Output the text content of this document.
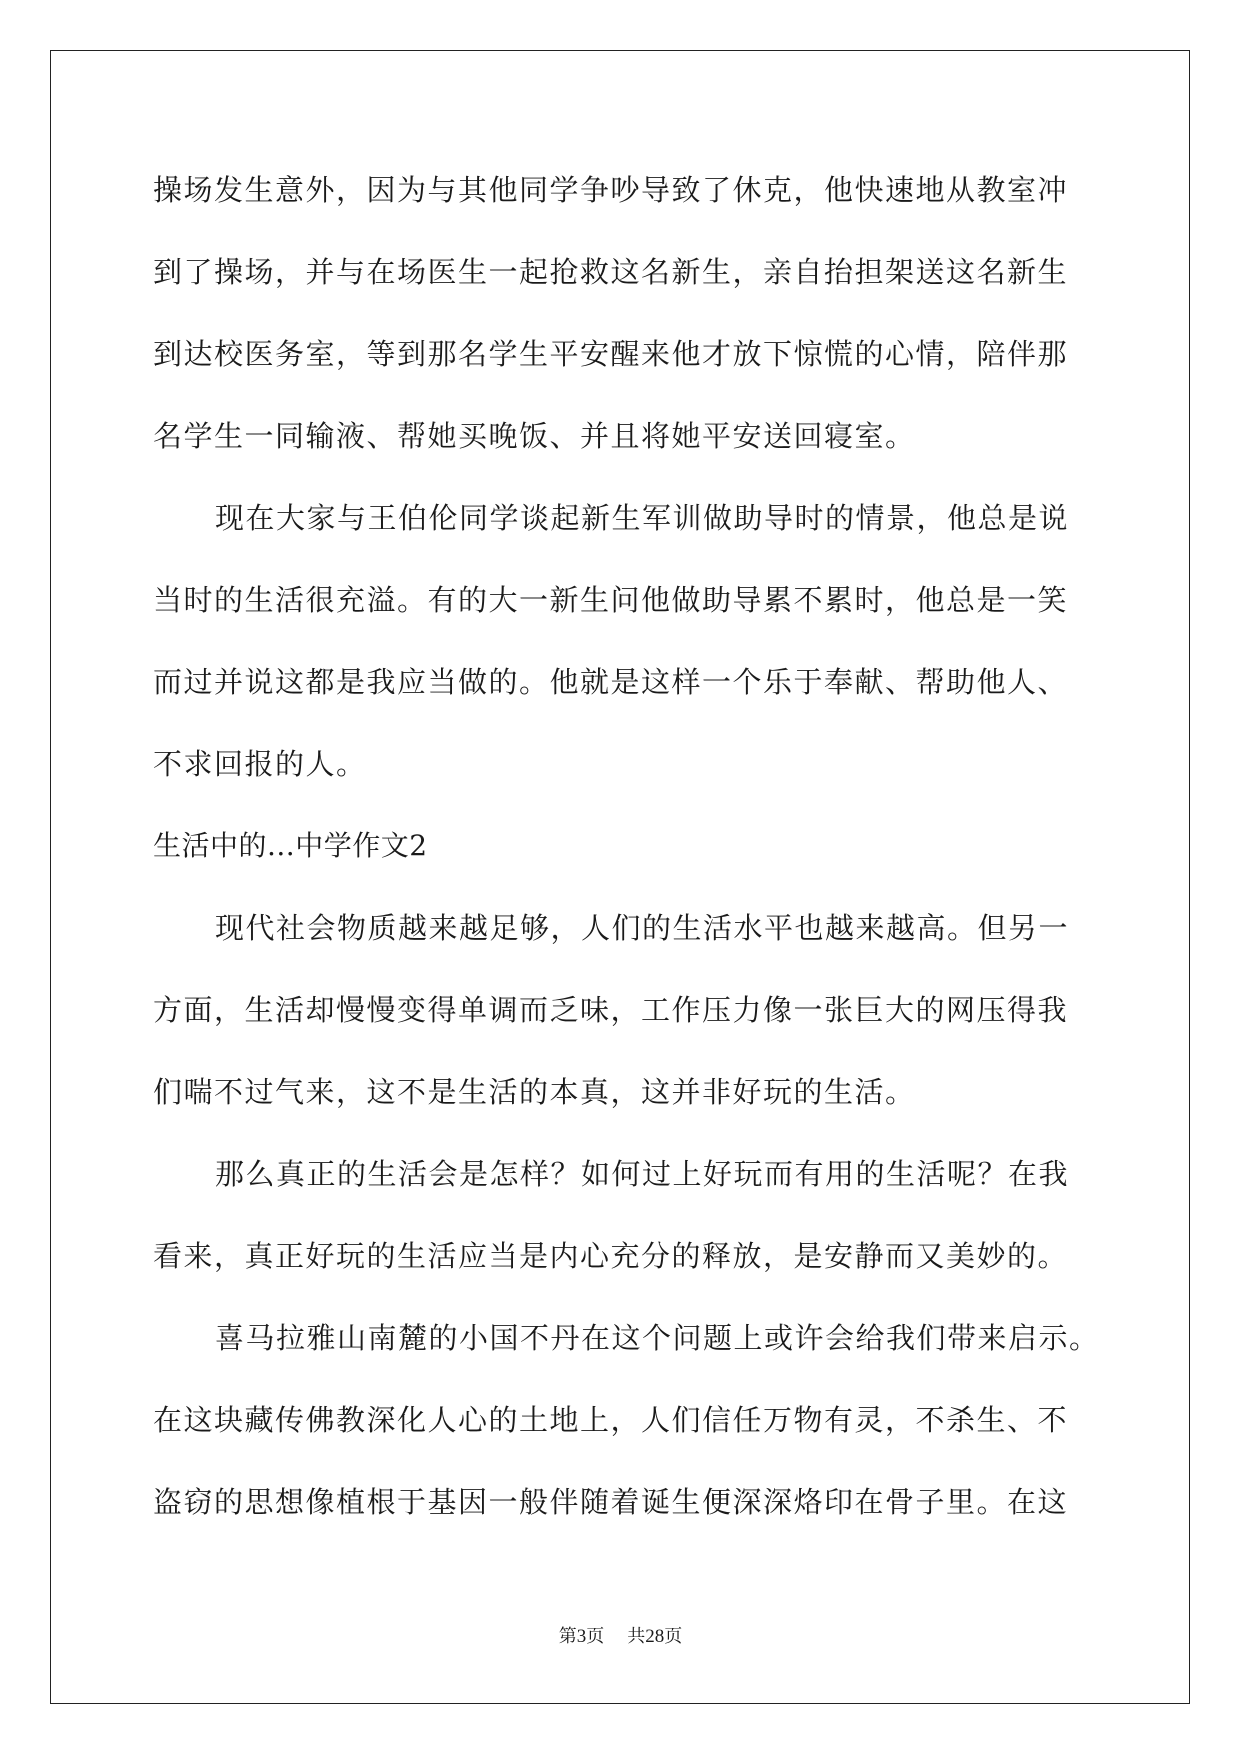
操场发生意外，因为与其他同学争吵导致了休克，他快速地从教室冲
到了操场，并与在场医生一起抢救这名新生，亲自抬担架送这名新生
到达校医务室，等到那名学生平安醒来他才放下惊慌的心情，陪伴那
名学生一同输液、帮她买晚饭、并且将她平安送回寝室。
现在大家与王伯伦同学谈起新生军训做助导时的情景，他总是说
当时的生活很充溢。有的大一新生问他做助导累不累时，他总是一笑
而过并说这都是我应当做的。他就是这样一个乐于奉献、帮助他人、
不求回报的人。
生活中的...中学作文2
现代社会物质越来越足够，人们的生活水平也越来越高。但另一
方面，生活却慢慢变得单调而乏味，工作压力像一张巨大的网压得我
们喘不过气来，这不是生活的本真，这并非好玩的生活。
那么真正的生活会是怎样？如何过上好玩而有用的生活呢？在我
看来，真正好玩的生活应当是内心充分的释放，是安静而又美妙的。
喜马拉雅山南麓的小国不丹在这个问题上或许会给我们带来启示。
在这块藏传佛教深化人心的土地上，人们信任万物有灵，不杀生、不
盗窃的思想像植根于基因一般伴随着诞生便深深烙印在骨子里。在这
第3页 共28页
